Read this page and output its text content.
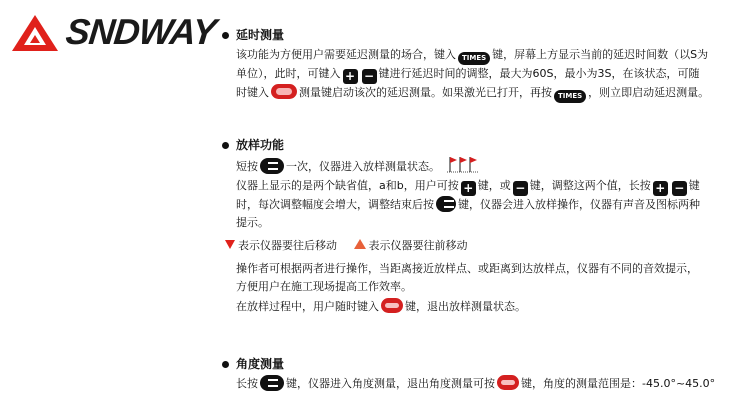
SNDWAY 延时测量
该功能为方便用户需要延迟测量的场合，键入 TIMES 键，屏幕上方显示当前的延迟时间数（以S为
单位），此时，可键入 + − 键进行延迟时间的调整，最大为60S，最小为3S，在该状态，可随
时键入	测量键启动该次的延迟测量。如果激光已打开，再按 TIMES ，则立即启动延迟测量。
放样功能
短按	一次，仪器进入放样测量状态。
仪器上显示的是两个缺省值，a和b，用户可按 + 键，或 − 键，调整这两个值，长按 + − 键
时，每次调整幅度会增大，调整结束后按 键，仪器会进入放样操作，仪器有声音及图标两种
提示。
表示仪器要往后移动	表示仪器要往前移动
操作者可根据两者进行操作，当距离接近放样点、或距离到达放样点，仪器有不同的音效提示，
方便用户在施工现场提高工作效率。
在放样过程中，用户随时键入 键，退出放样测量状态。
角度测量
长按	键，仪器进入角度测量，退出角度测量可按 键，角度的测量范围是：-45.0°~45.0°
